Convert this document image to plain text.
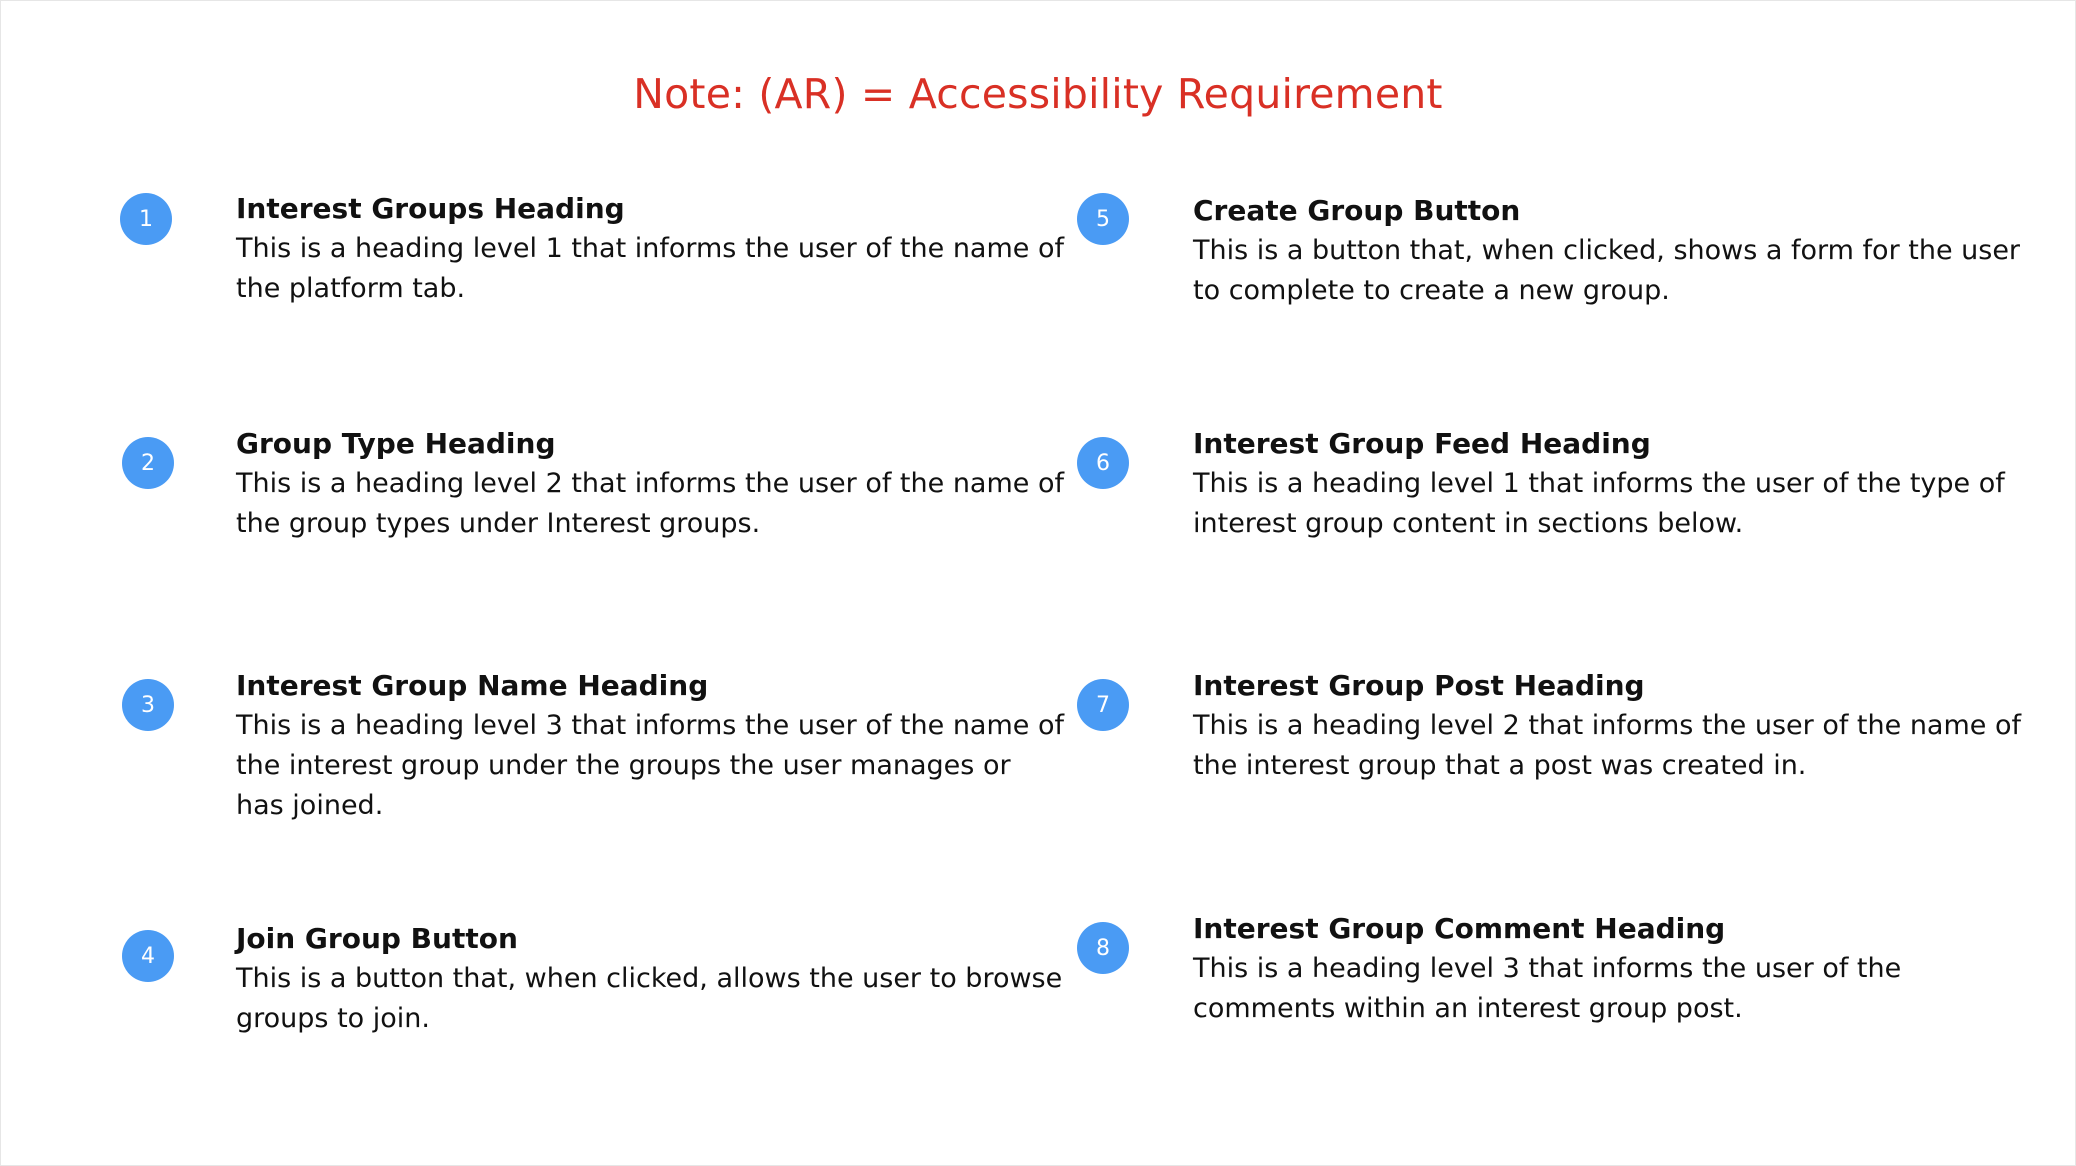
Note: (AR) = Accessibility Requirement
1	Interest Groups Heading
This is a heading level 1 that informs the user of the name of the platform tab.
2
Group Type Heading
This is a heading level 2 that informs the user of the name of the group types under Interest groups.
3
Interest Group Name Heading
This is a heading level 3 that informs the user of the name of the interest group under the groups the user manages or has joined.
4
Join Group Button
This is a button that, when clicked, allows the user to browse groups to join.
5	Create Group Button
This is a button that, when clicked, shows a form for the user to complete to create a new group.
6
Interest Group Feed Heading
This is a heading level 1 that informs the user of the type of interest group content in sections below.
7
Interest Group Post Heading
This is a heading level 2 that informs the user of the name of the interest group that a post was created in.
8
Interest Group Comment Heading
This is a heading level 3 that informs the user of the comments within an interest group post.
